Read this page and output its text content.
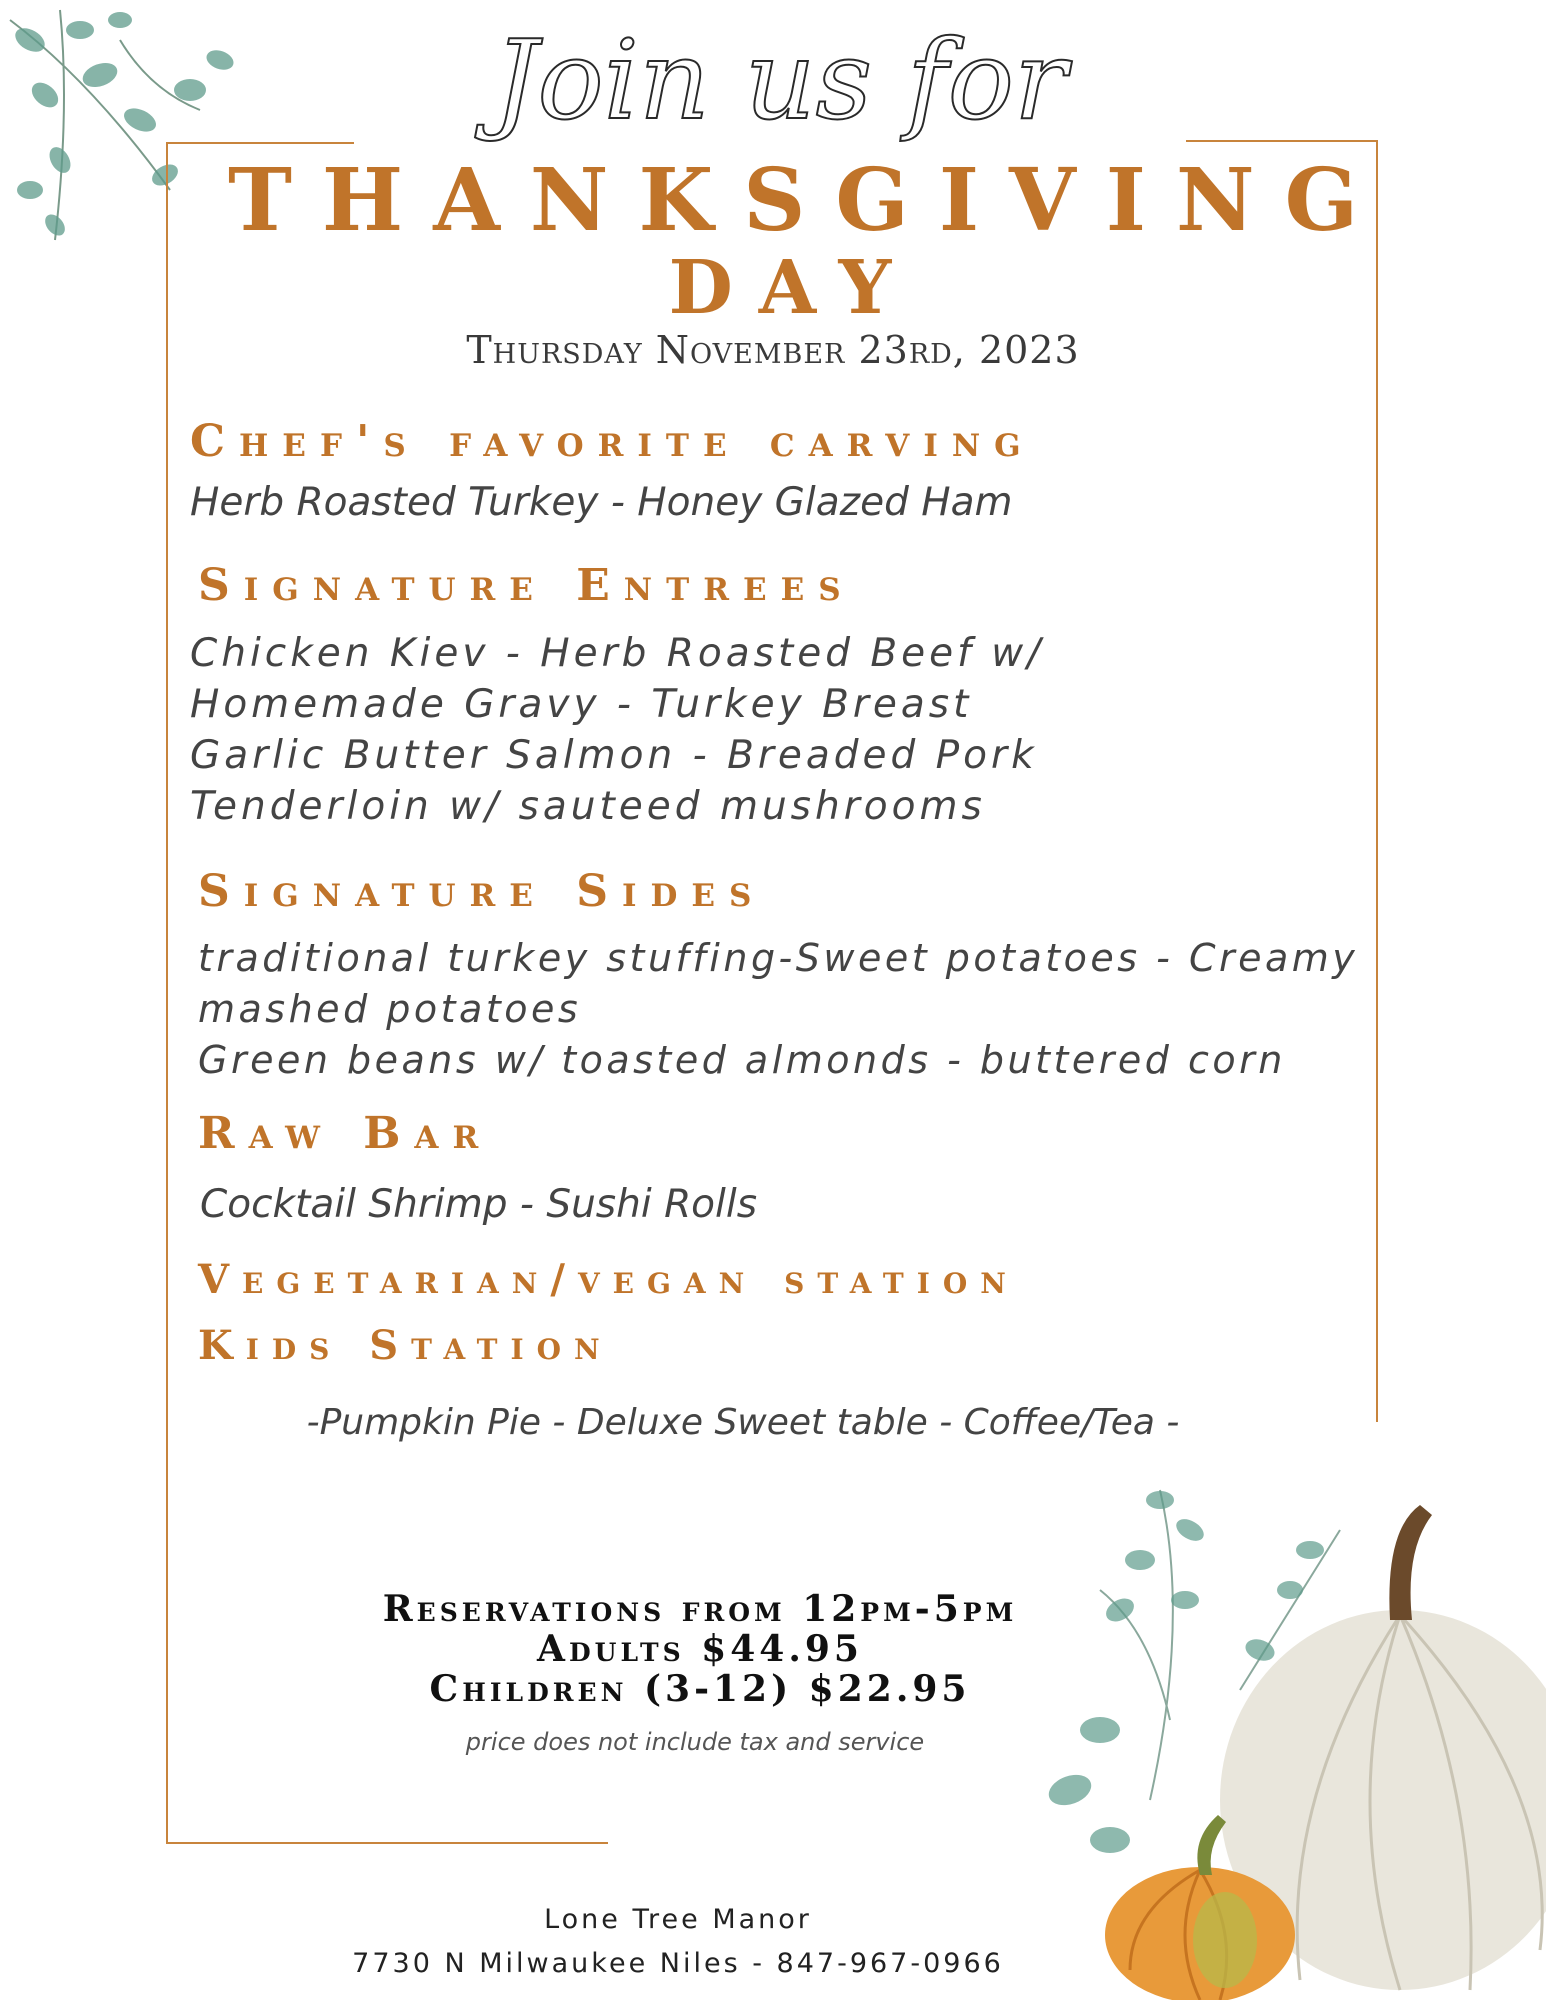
Join us for
THANKSGIVING
DAY
Thursday November 23rd, 2023
Chef's favorite carving
Herb Roasted Turkey - Honey Glazed Ham
Signature Entrees
Chicken Kiev - Herb Roasted Beef w/
Homemade Gravy - Turkey Breast
Garlic Butter Salmon - Breaded Pork
Tenderloin w/ sauteed mushrooms
Signature Sides
traditional turkey stuffing-Sweet potatoes - Creamy
mashed potatoes
Green beans w/ toasted almonds - buttered corn
Raw Bar
Cocktail Shrimp - Sushi Rolls
Vegetarian/vegan station
Kids Station
-Pumpkin Pie - Deluxe Sweet table - Coffee/Tea -
Reservations from 12pm-5pm
Adults $44.95
Children (3-12) $22.95
price does not include tax and service
Lone Tree Manor
7730 N Milwaukee Niles - 847-967-0966
